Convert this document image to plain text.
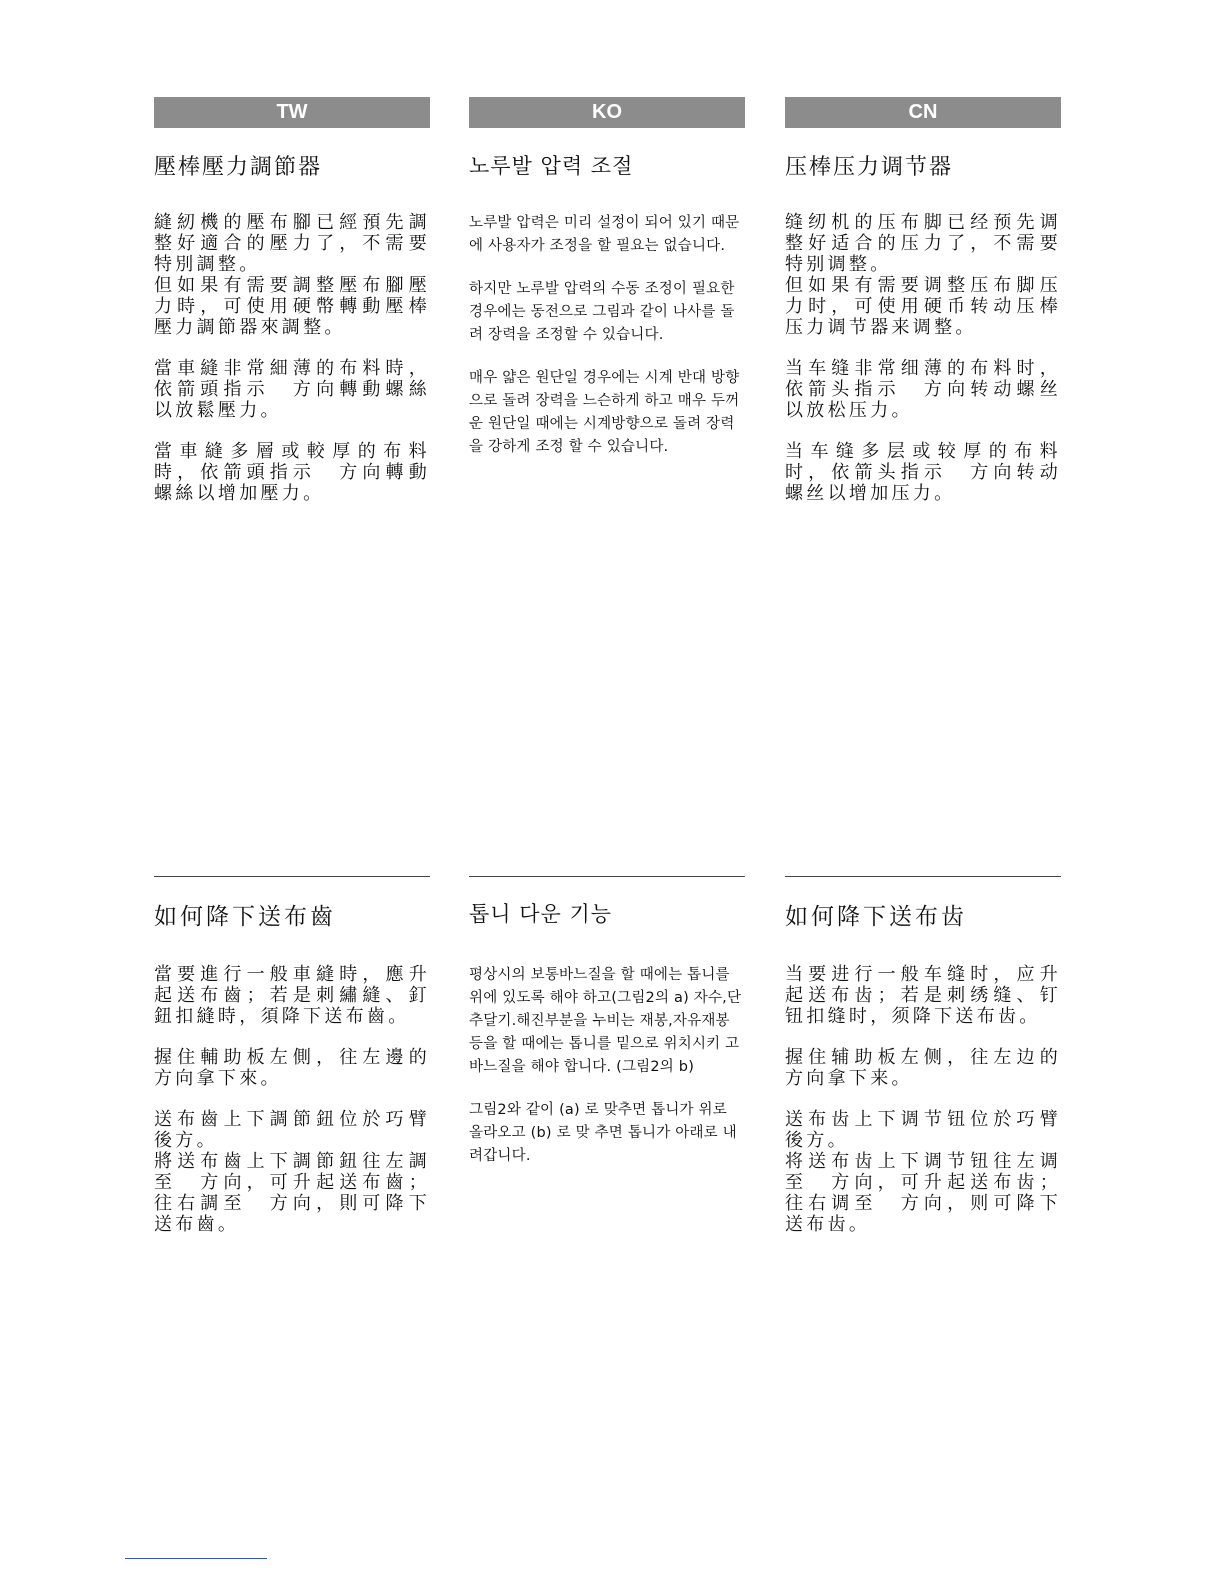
TW
壓棒壓力調節器

縫紉機的壓布腳已經預先調整好適合的壓力了，不需要特別調整。

但如果有需要調整壓布腳壓力時，可使用硬幣轉動壓棒壓力調節器來調整。

當車縫非常細薄的布料時，依箭頭指示　方向轉動螺絲以放鬆壓力。

當車縫多層或較厚的布料時，依箭頭指示　方向轉動螺絲以增加壓力。

如何降下送布齒

當要進行一般車縫時，應升起送布齒；若是刺繡縫、釘鈕扣縫時，須降下送布齒。

握住輔助板左側，往左邊的方向拿下來。

送布齒上下調節鈕位於巧臂後方。

將送布齒上下調節鈕往左調至　方向，可升起送布齒；往右調至　方向，則可降下送布齒。

KO
노루발 압력 조절

노루발 압력은 미리 설정이 되어 있기 때문에 사용자가 조정을 할 필요는 없습니다.

하지만 노루발 압력의 수동 조정이 필요한 경우에는 동전으로 그림과 같이 나사를 돌려 장력을 조정할 수 있습니다.

매우 얇은 원단일 경우에는 시계 반대 방향으로 돌려 장력을 느슨하게 하고 매우 두꺼운 원단일 때에는 시계방향으로 돌려 장력을 강하게 조정 할 수 있습니다.

톱니 다운 기능

평상시의 보통바느질을 할 때에는 톱니를 위에 있도록 해야 하고(그림2의 a) 자수,단추달기.해진부분을 누비는 재봉,자유재봉 등을 할 때에는 톱니를 밑으로 위치시키 고 바느질을 해야 합니다. (그림2의 b)

그림2와 같이 (a) 로 맞추면 톱니가 위로 올라오고 (b) 로 맞 추면 톱니가 아래로 내려갑니다.

CN
压棒压力调节器

缝纫机的压布脚已经预先调整好适合的压力了，不需要特别调整。

但如果有需要调整压布脚压力时，可使用硬币转动压棒压力调节器来调整。

当车缝非常细薄的布料时，依箭头指示　方向转动螺丝以放松压力。

当车缝多层或较厚的布料时，依箭头指示　方向转动螺丝以增加压力。

如何降下送布齿

当要进行一般车缝时，应升起送布齿；若是刺绣缝、钉钮扣缝时，须降下送布齿。

握住辅助板左侧，往左边的方向拿下来。

送布齿上下调节钮位於巧臂後方。

将送布齿上下调节钮往左调至　方向，可升起送布齿；往右调至　方向，则可降下送布齿。
